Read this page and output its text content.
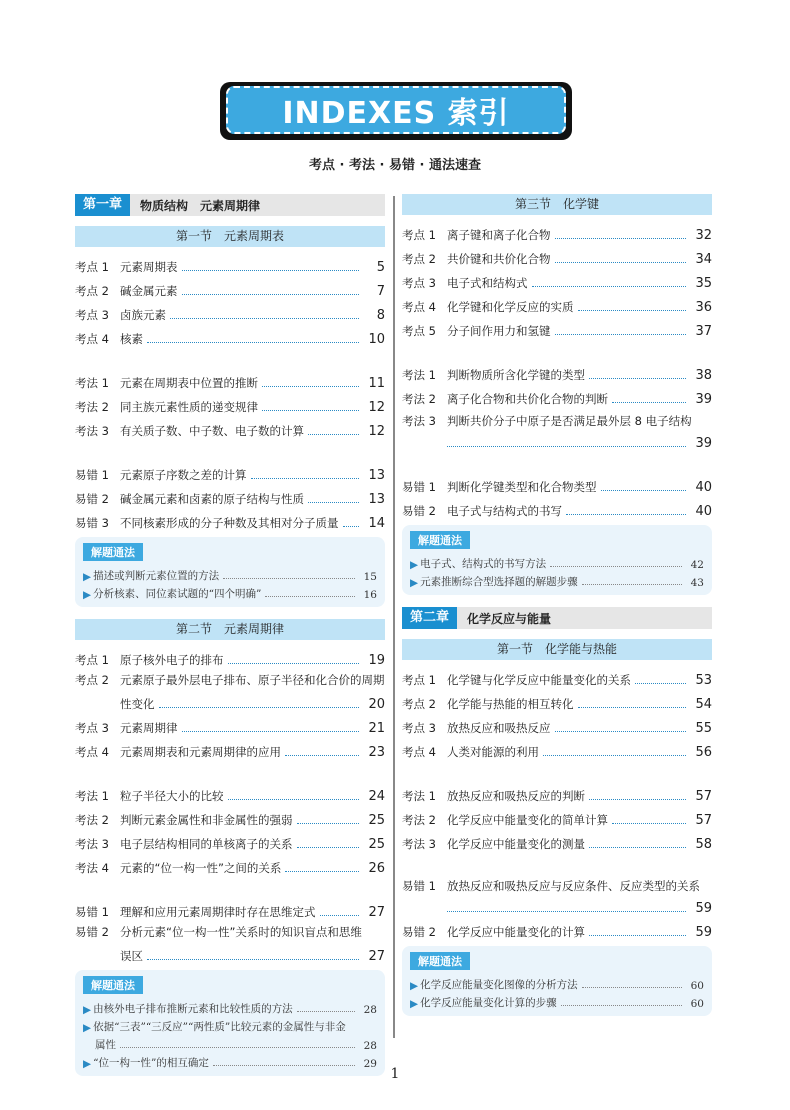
INDEXES 索引
考点 · 考法 · 易错 · 通法速查
第一章	物质结构　元素周期律
第一节　元素周期表
考点 1 元素周期表	5
考点 2 碱金属元素	7
考点 3 卤族元素	8
考点 4 核素	10
考法 1 元素在周期表中位置的推断	11
考法 2 同主族元素性质的递变规律	12
考法 3 有关质子数、中子数、电子数的计算	12
易错 1 元素原子序数之差的计算	13
易错 2 碱金属元素和卤素的原子结构与性质	13
易错 3 不同核素形成的分子种数及其相对分子质量	14
解题通法
▶ 描述或判断元素位置的方法	15
▶ 分析核素、同位素试题的“四个明确”	16
第二节　元素周期律
考点 1 原子核外电子的排布	19
考点 2 元素原子最外层电子排布、原子半径和化合价的周期
性变化	20
考点 3 元素周期律	21
考点 4 元素周期表和元素周期律的应用	23
考法 1 粒子半径大小的比较	24
考法 2 判断元素金属性和非金属性的强弱	25
考法 3 电子层结构相同的单核离子的关系	25
考法 4 元素的“位一构一性”之间的关系	26
易错 1 理解和应用元素周期律时存在思维定式	27
易错 2 分析元素“位一构一性”关系时的知识盲点和思维
误区	27
解题通法
▶ 由核外电子排布推断元素和比较性质的方法	28
▶ 依据“三表”“三反应”“两性质”比较元素的金属性与非金
属性	28
▶ “位一构一性”的相互确定	29
第三节　化学键
考点 1 离子键和离子化合物	32
考点 2 共价键和共价化合物	34
考点 3 电子式和结构式	35
考点 4 化学键和化学反应的实质	36
考点 5 分子间作用力和氢键	37
考法 1 判断物质所含化学键的类型	38
考法 2 离子化合物和共价化合物的判断	39
考法 3 判断共价分子中原子是否满足最外层 8 电子结构
39
易错 1 判断化学键类型和化合物类型	40
易错 2 电子式与结构式的书写	40
解题通法
▶ 电子式、结构式的书写方法	42
▶ 元素推断综合型选择题的解题步骤	43
第二章	化学反应与能量
第一节　化学能与热能
考点 1 化学键与化学反应中能量变化的关系	53
考点 2 化学能与热能的相互转化	54
考点 3 放热反应和吸热反应	55
考点 4 人类对能源的利用	56
考法 1 放热反应和吸热反应的判断	57
考法 2 化学反应中能量变化的简单计算	57
考法 3 化学反应中能量变化的测量	58
易错 1 放热反应和吸热反应与反应条件、反应类型的关系
59
易错 2 化学反应中能量变化的计算	59
解题通法
▶ 化学反应能量变化图像的分析方法	60
▶ 化学反应能量变化计算的步骤	60
1
